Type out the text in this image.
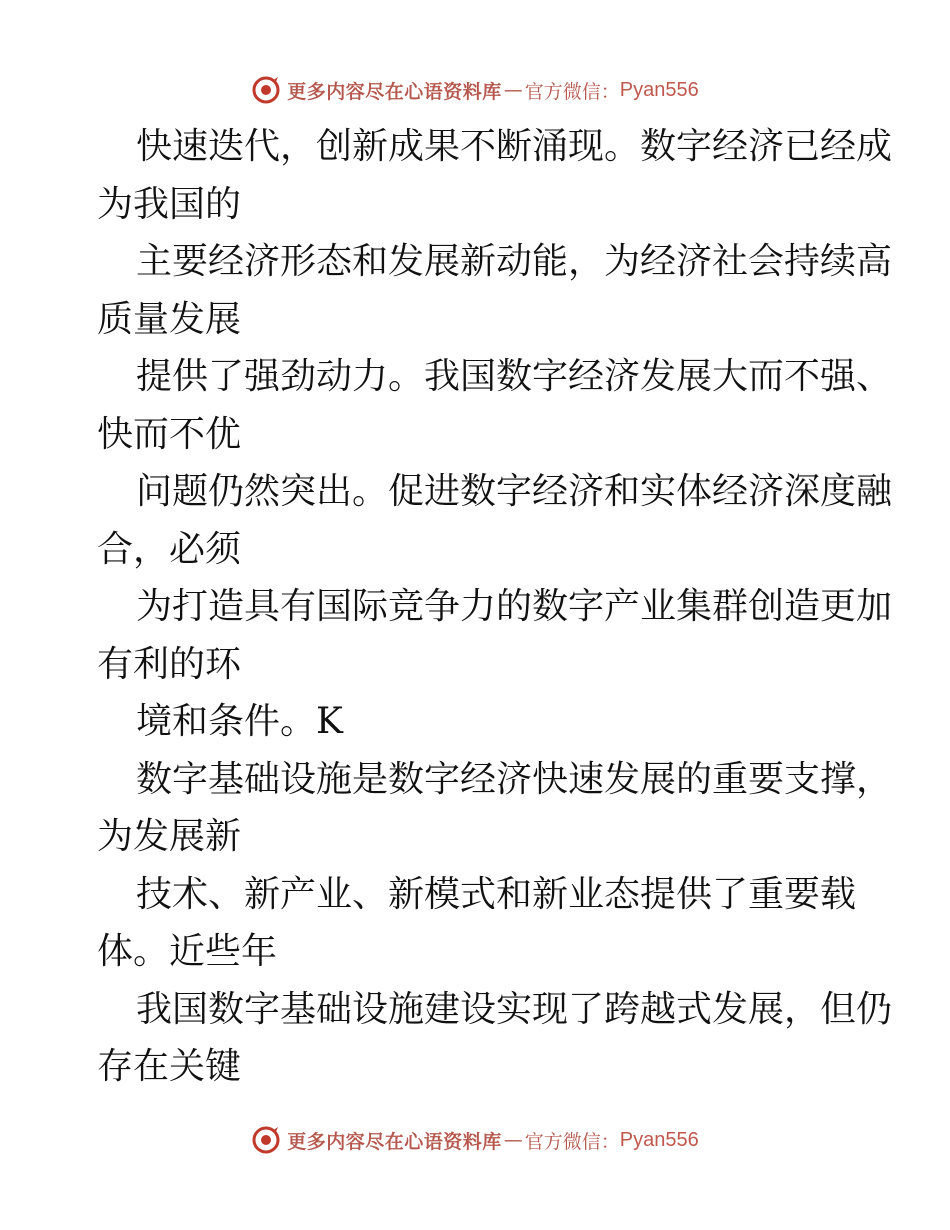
更多内容尽在心语资料库 — 官方微信： Pyan556
快速迭代，创新成果不断涌现。数字经济已经成
为我国的
主要经济形态和发展新动能，为经济社会持续高
质量发展
提供了强劲动力。我国数字经济发展大而不强、
快而不优
问题仍然突出。促进数字经济和实体经济深度融
合，必须
为打造具有国际竞争力的数字产业集群创造更加
有利的环
境和条件。K
数字基础设施是数字经济快速发展的重要支撑，
为发展新
技术、新产业、新模式和新业态提供了重要载
体。近些年
我国数字基础设施建设实现了跨越式发展，但仍
存在关键
更多内容尽在心语资料库 — 官方微信： Pyan556
